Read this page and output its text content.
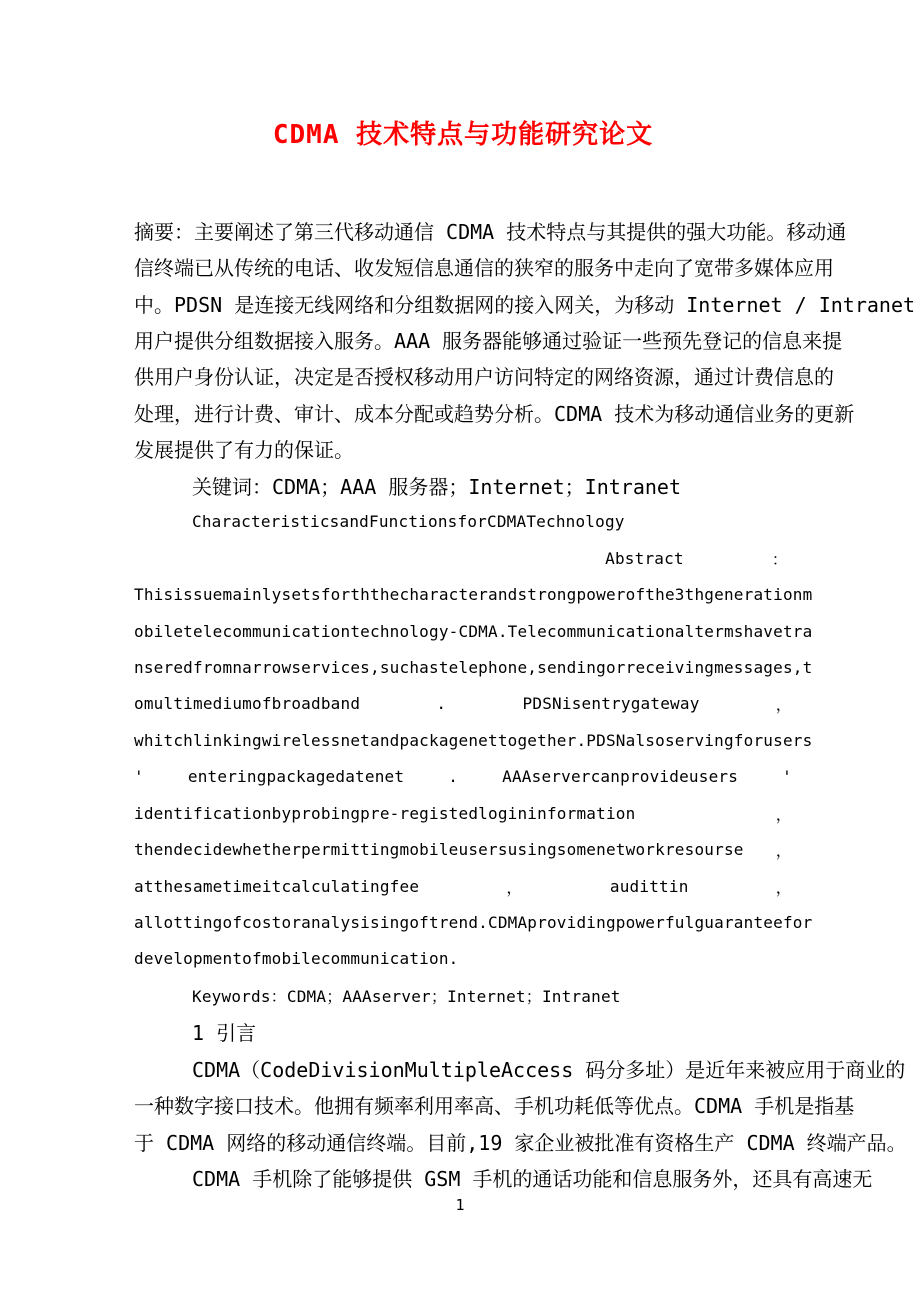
CDMA 技术特点与功能研究论文
摘要：主要阐述了第三代移动通信 CDMA 技术特点与其提供的强大功能。移动通
信终端已从传统的电话、收发短信息通信的狭窄的服务中走向了宽带多媒体应用
中。PDSN 是连接无线网络和分组数据网的接入网关，为移动 Internet / Intranet
用户提供分组数据接入服务。AAA 服务器能够通过验证一些预先登记的信息来提
供用户身份认证，决定是否授权移动用户访问特定的网络资源，通过计费信息的
处理，进行计费、审计、成本分配或趋势分析。CDMA 技术为移动通信业务的更新
发展提供了有力的保证。
关键词：CDMA；AAA 服务器；Internet；Intranet
CharacteristicsandFunctionsforCDMATechnology
Abstract	：
Thisissuemainlysetsforththecharacterandstrongpowerofthe3thgenerationm
obiletelecommunicationtechnology-CDMA.Telecommunicationaltermshavetra
nseredfromnarrowservices,suchastelephone,sendingorreceivingmessages,t
omultimediumofbroadband	.	PDSNisentrygateway	，
whitchlinkingwirelessnetandpackagenettogether.PDSNalsoservingforusers
'	enteringpackagedatenet	.	AAAservercanprovideusers	'
identificationbyprobingpre-registedlogininformation	，
thendecidewhetherpermittingmobileusersusingsomenetworkresourse ，
atthesametimeitcalculatingfee	，	audittin	，
allottingofcostoranalysisingoftrend.CDMAprovidingpowerfulguaranteefor
developmentofmobilecommunication.
Keywords：CDMA；AAAserver；Internet；Intranet
1 引言
CDMA（CodeDivisionMultipleAccess 码分多址）是近年来被应用于商业的
一种数字接口技术。他拥有频率利用率高、手机功耗低等优点。CDMA 手机是指基
于 CDMA 网络的移动通信终端。目前,19 家企业被批准有资格生产 CDMA 终端产品。
CDMA 手机除了能够提供 GSM 手机的通话功能和信息服务外，还具有高速无
1
